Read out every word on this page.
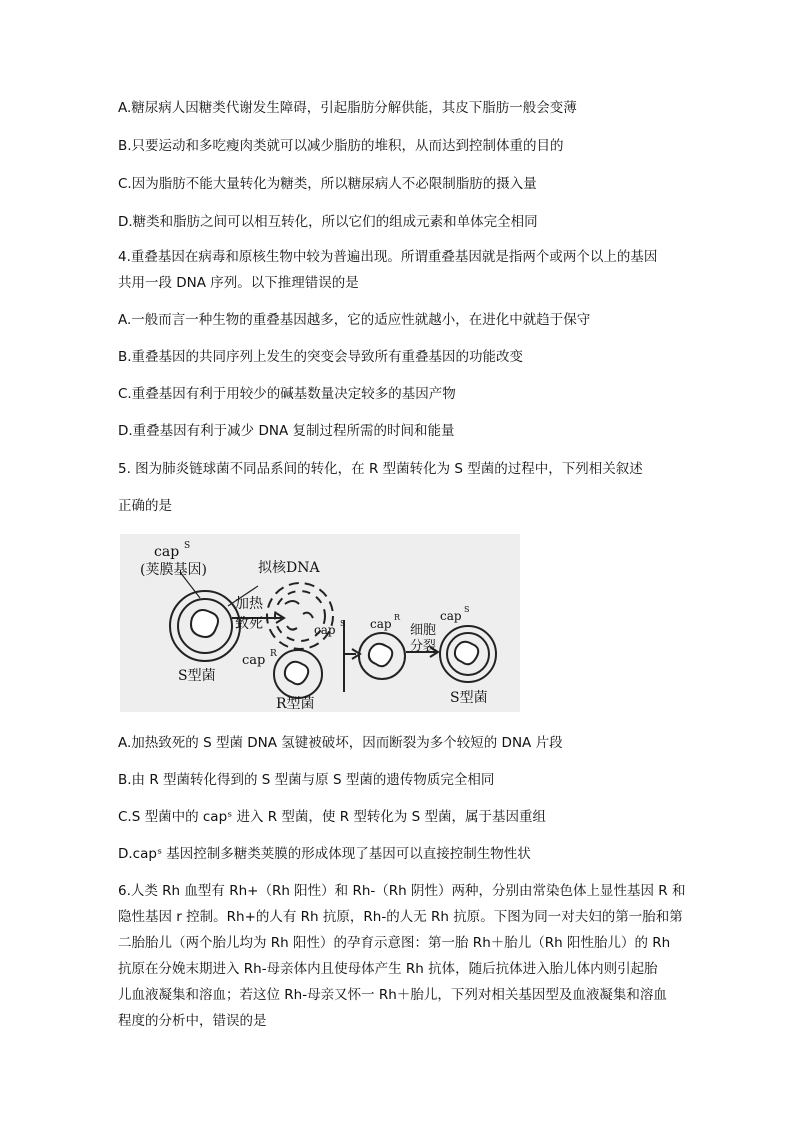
A.糖尿病人因糖类代谢发生障碍，引起脂肪分解供能，其皮下脂肪一般会变薄
B.只要运动和多吃瘦肉类就可以减少脂肪的堆积，从而达到控制体重的目的
C.因为脂肪不能大量转化为糖类，所以糖尿病人不必限制脂肪的摄入量
D.糖类和脂肪之间可以相互转化，所以它们的组成元素和单体完全相同
4.重叠基因在病毒和原核生物中较为普遍出现。所谓重叠基因就是指两个或两个以上的基因
共用一段 DNA 序列。以下推理错误的是
A.一般而言一种生物的重叠基因越多，它的适应性就越小，在进化中就趋于保守
B.重叠基因的共同序列上发生的突变会导致所有重叠基因的功能改变
C.重叠基因有利于用较少的碱基数量决定较多的基因产物
D.重叠基因有利于减少 DNA 复制过程所需的时间和能量
5. 图为肺炎链球菌不同品系间的转化，在 R 型菌转化为 S 型菌的过程中，下列相关叙述
正确的是
cap S
(荚膜基因)	拟核DNA
加热
致死
S型菌
cap R
R型菌
cap S cap R
细胞
分裂
cap S
S型菌
A.加热致死的 S 型菌 DNA 氢键被破坏，因而断裂为多个较短的 DNA 片段
B.由 R 型菌转化得到的 S 型菌与原 S 型菌的遗传物质完全相同
C.S 型菌中的 capˢ 进入 R 型菌，使 R 型转化为 S 型菌，属于基因重组
D.capˢ 基因控制多糖类荚膜的形成体现了基因可以直接控制生物性状
6.人类 Rh 血型有 Rh+（Rh 阳性）和 Rh-（Rh 阴性）两种，分别由常染色体上显性基因 R 和
隐性基因 r 控制。Rh+的人有 Rh 抗原，Rh-的人无 Rh 抗原。下图为同一对夫妇的第一胎和第
二胎胎儿（两个胎儿均为 Rh 阳性）的孕育示意图：第一胎 Rh＋胎儿（Rh 阳性胎儿）的 Rh
抗原在分娩末期进入 Rh-母亲体内且使母体产生 Rh 抗体，随后抗体进入胎儿体内则引起胎
儿血液凝集和溶血；若这位 Rh-母亲又怀一 Rh＋胎儿，下列对相关基因型及血液凝集和溶血
程度的分析中，错误的是
